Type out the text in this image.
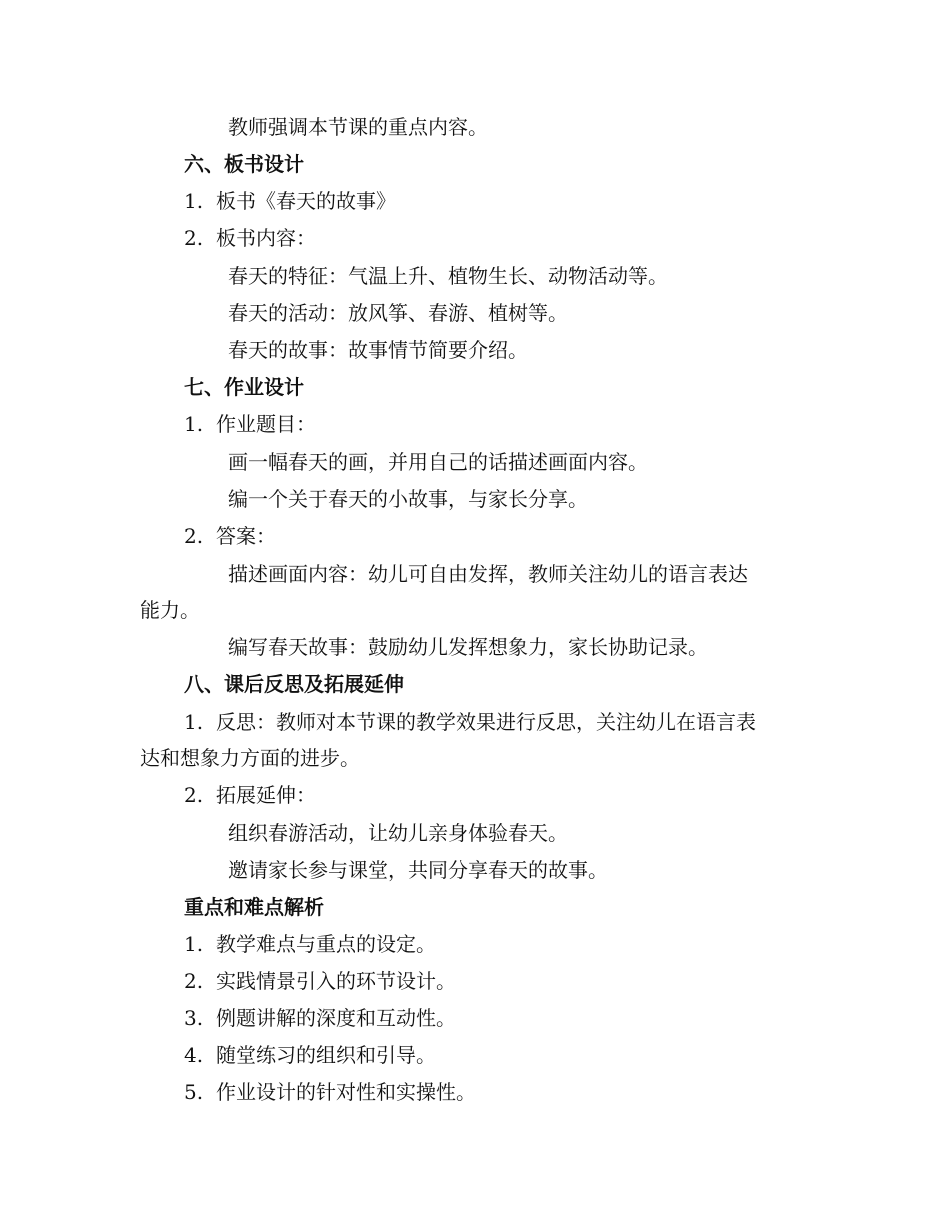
教师强调本节课的重点内容。
六、板书设计
1. 板书《春天的故事》
2. 板书内容：
春天的特征：气温上升、植物生长、动物活动等。
春天的活动：放风筝、春游、植树等。
春天的故事：故事情节简要介绍。
七、作业设计
1. 作业题目：
画一幅春天的画，并用自己的话描述画面内容。
编一个关于春天的小故事，与家长分享。
2. 答案：
描述画面内容：幼儿可自由发挥，教师关注幼儿的语言表达
能力。
编写春天故事：鼓励幼儿发挥想象力，家长协助记录。
八、课后反思及拓展延伸
1. 反思：教师对本节课的教学效果进行反思，关注幼儿在语言表
达和想象力方面的进步。
2. 拓展延伸：
组织春游活动，让幼儿亲身体验春天。
邀请家长参与课堂，共同分享春天的故事。
重点和难点解析
1. 教学难点与重点的设定。
2. 实践情景引入的环节设计。
3. 例题讲解的深度和互动性。
4. 随堂练习的组织和引导。
5. 作业设计的针对性和实操性。
